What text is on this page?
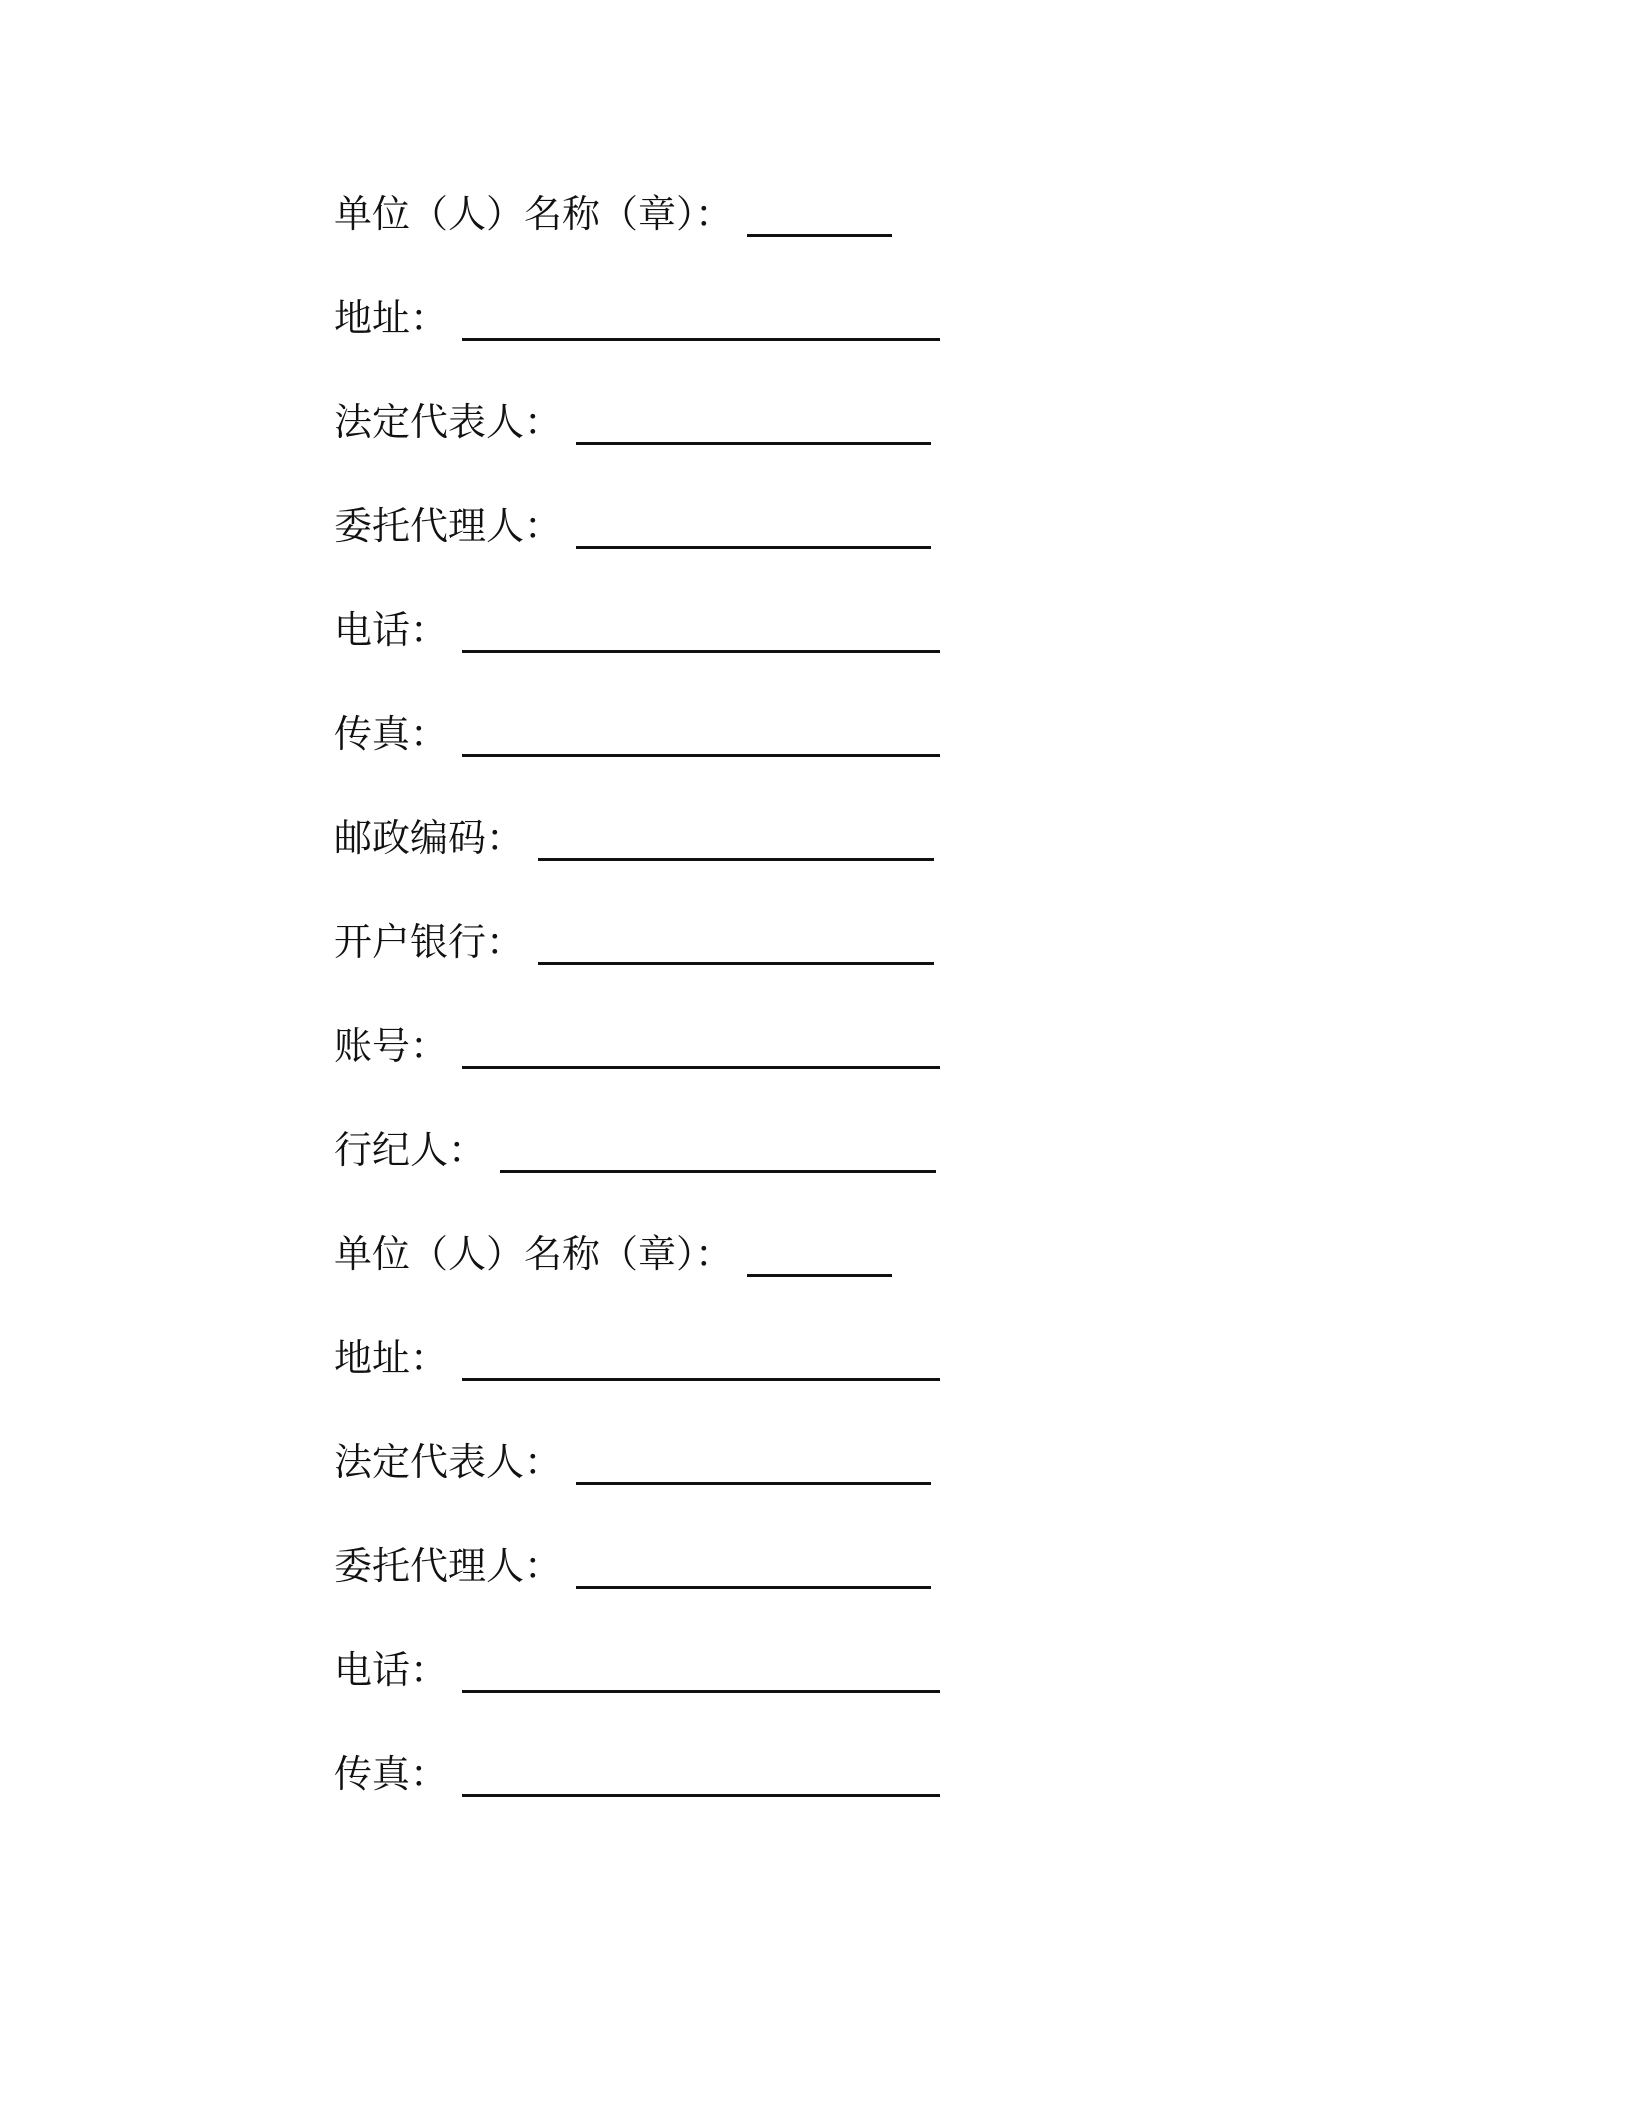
单位（人）名称（章）：
地址：
法定代表人：
委托代理人：
电话：
传真：
邮政编码：
开户银行：
账号：
行纪人：
单位（人）名称（章）：
地址：
法定代表人：
委托代理人：
电话：
传真：
